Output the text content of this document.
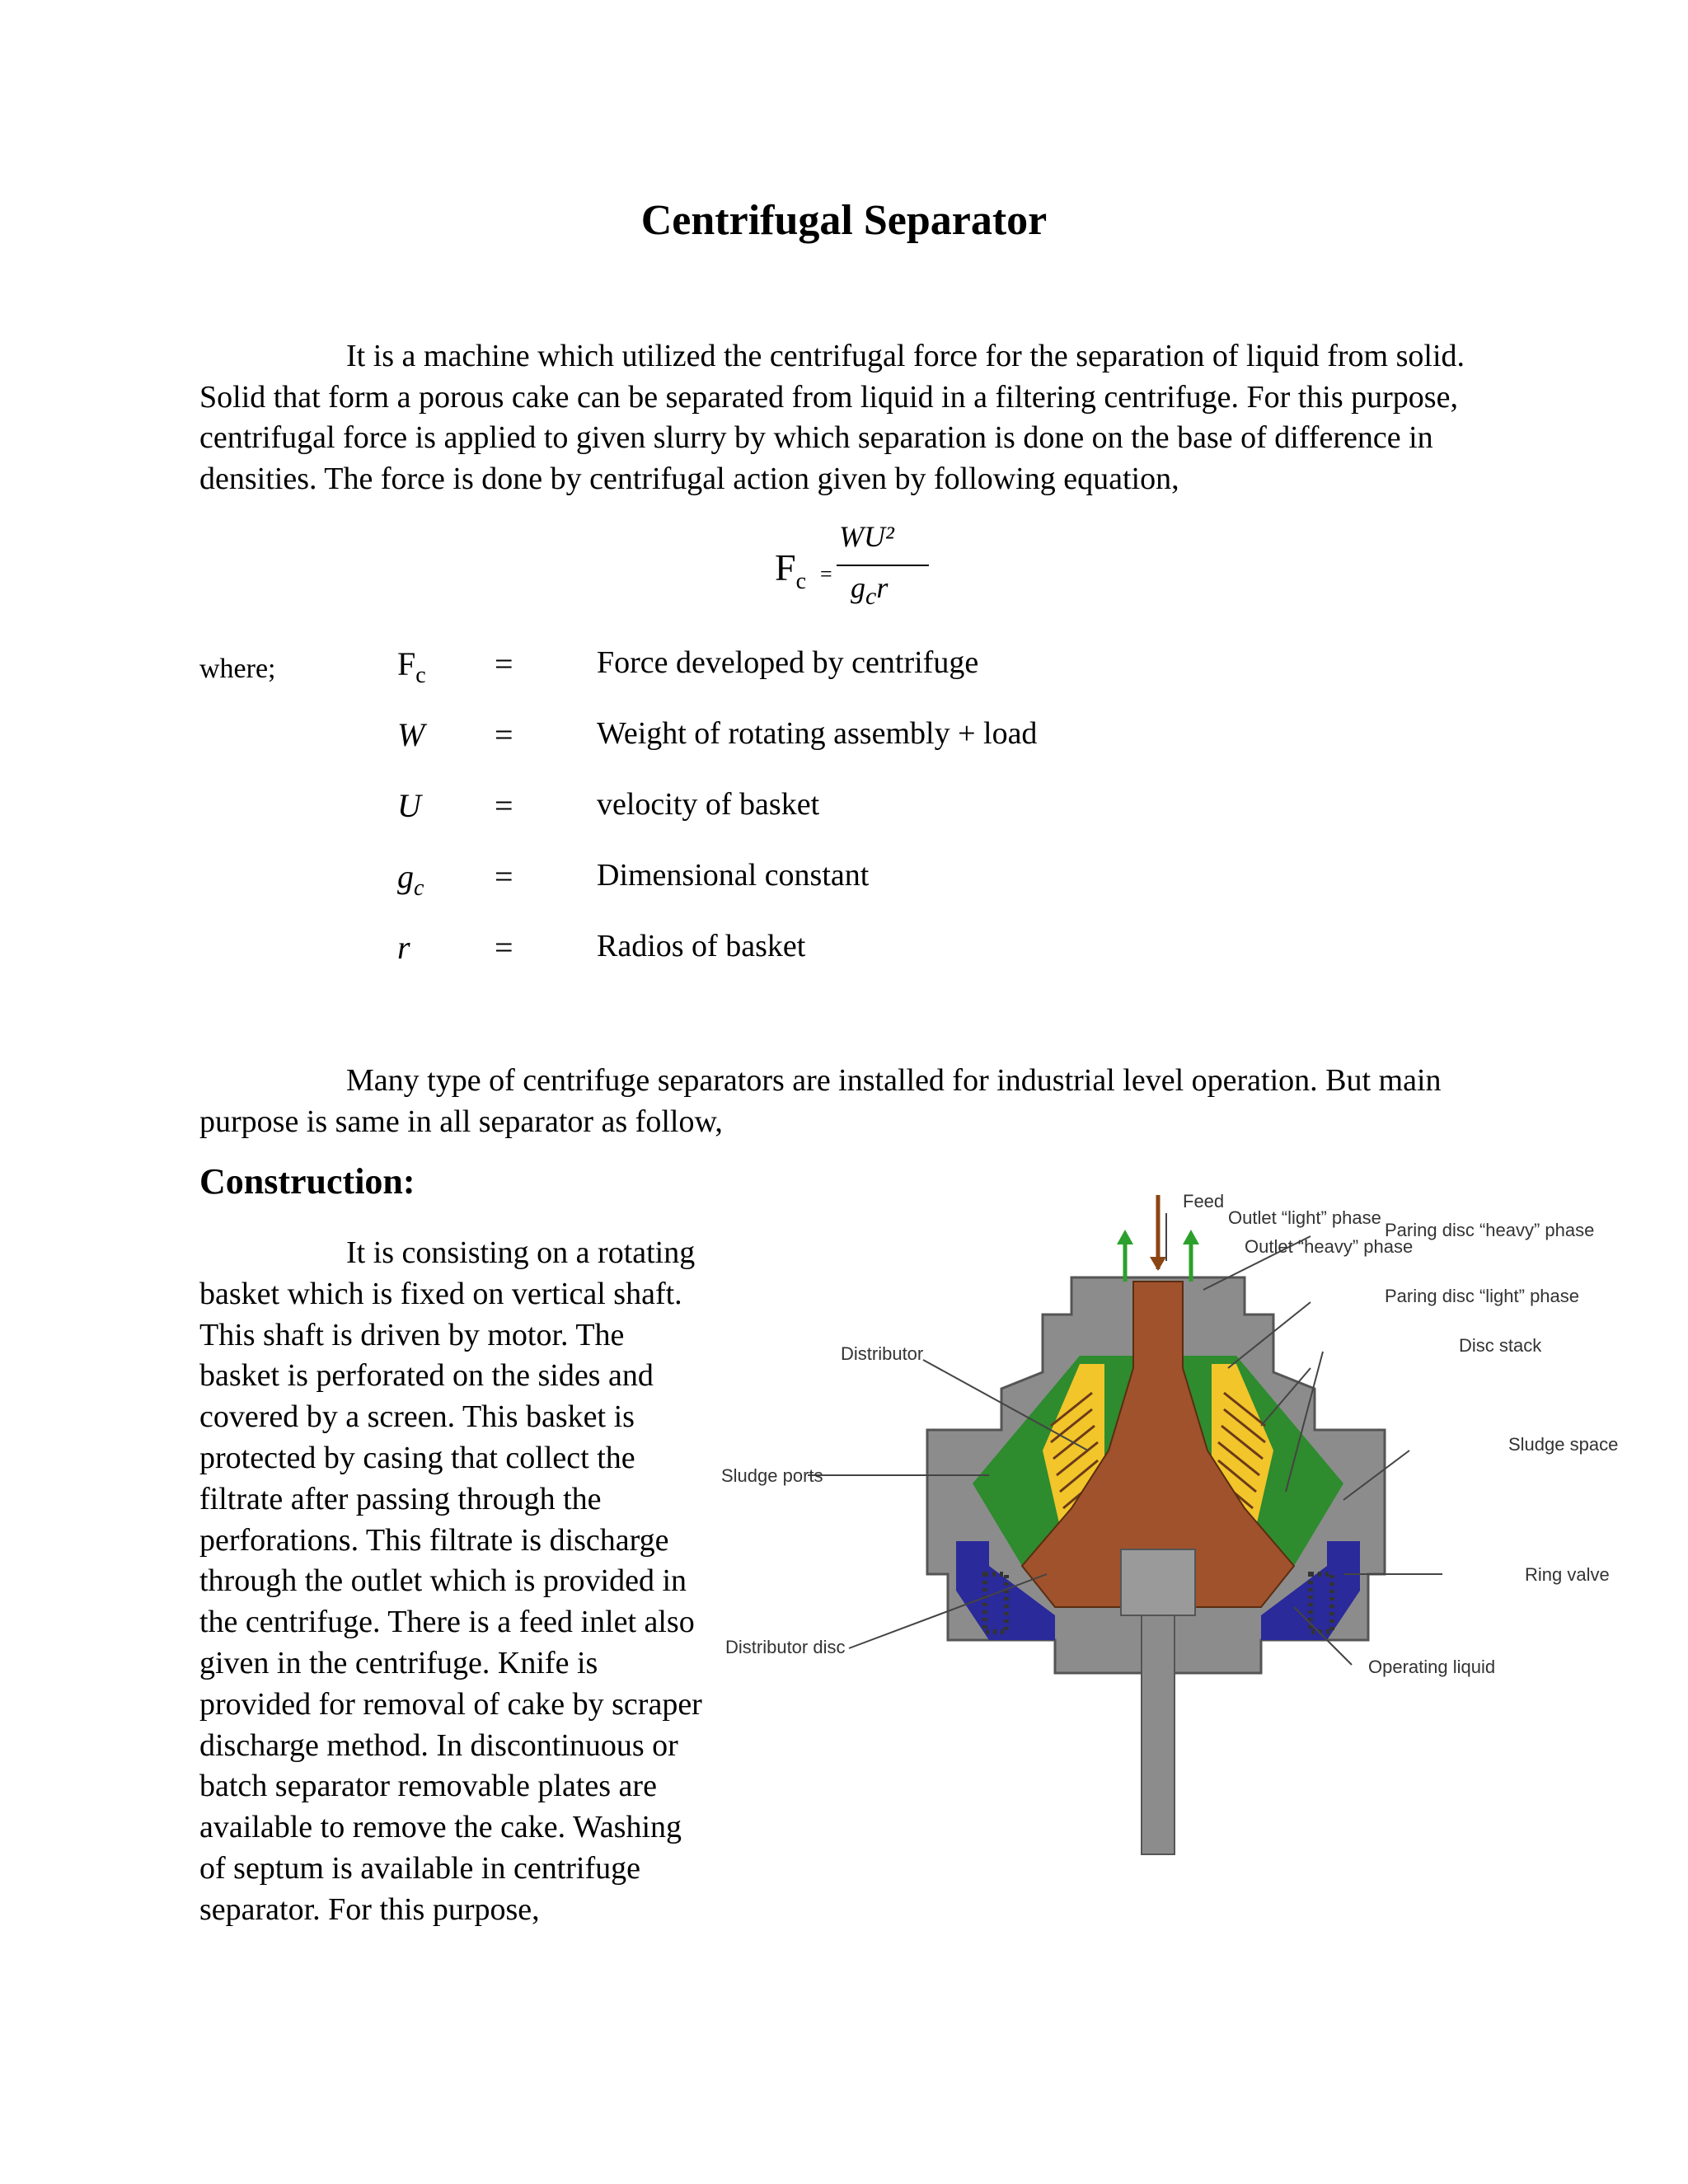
Centrifugal Separator
It is a machine which utilized the centrifugal force for the separation of liquid from solid. Solid that form a porous cake can be separated from liquid in a filtering centrifuge. For this purpose, centrifugal force is applied to given slurry by which separation is done on the base of difference in densities. The force is done by centrifugal action given by following equation,
$F_c$ =
WU²
$g_cr$
where;	$F_c$ =	Force developed by centrifuge
W =	Weight of rotating assembly + load
U =	velocity of basket
$g_c$ =	Dimensional constant
r	=	Radios of basket
Many type of centrifuge separators are installed for industrial level operation. But main purpose is same in all separator as follow,
Construction:
It is consisting on a rotating basket which is fixed on vertical shaft. This shaft is driven by motor. The basket is perforated on the sides and covered by a screen. This basket is protected by casing that collect the filtrate after passing through the perforations. This filtrate is discharge through the outlet which is provided in the centrifuge. There is a feed inlet also given in the centrifuge. Knife is provided for removal of cake by scraper discharge method. In discontinuous or batch separator removable plates are available to remove the cake. Washing of septum is available in centrifuge separator. For this purpose,
Feed
Outlet “light” phase
Outlet “heavy” phase
Paring disc “heavy” phase
Paring disc “light” phase
Distributor	Disc stack
Sludge space
Sludge ports
Ring valve
Distributor disc
Operating liquid
